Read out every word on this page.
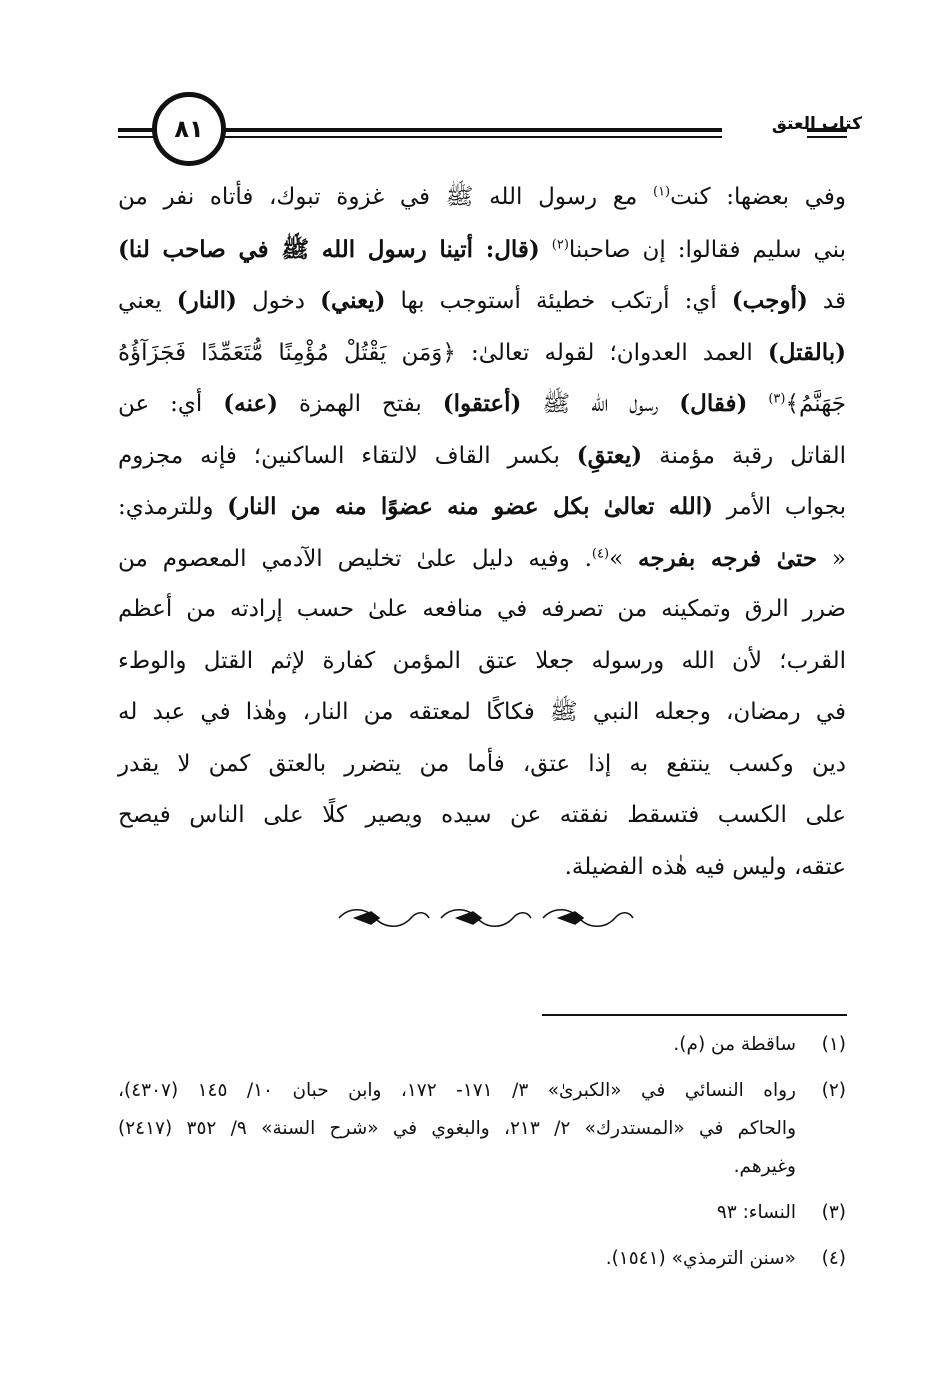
٨١	كتاب العتق
وفي بعضها: كنت$^{(١)}$ مع رسول الله ﷺ في غزوة تبوك، فأتاه نفر من
بني سليم فقالوا: إن صاحبنا$^{(٢)}$ (قال: أتينا رسول الله ﷺ في صاحب لنا)
قد (أوجب) أي: أرتكب خطيئة أستوجب بها (يعني) دخول (النار) يعني
(بالقتل) العمد العدوان؛ لقوله تعالىٰ: ﴿وَمَن يَقْتُلْ مُؤْمِنًا مُّتَعَمِّدًا فَجَزَآؤُهُ
جَهَنَّمُ﴾$^{(٣)}$ (فقال) رسول الله ﷺ (أعتقوا) بفتح الهمزة (عنه) أي: عن
القاتل رقبة مؤمنة (يعتقِ) بكسر القاف لالتقاء الساكنين؛ فإنه مجزوم
بجواب الأمر (الله تعالىٰ بكل عضو منه عضوًا منه من النار) وللترمذي:
« حتىٰ فرجه بفرجه »$^{(٤)}$. وفيه دليل علىٰ تخليص الآدمي المعصوم من
ضرر الرق وتمكينه من تصرفه في منافعه علىٰ حسب إرادته من أعظم
القرب؛ لأن الله ورسوله جعلا عتق المؤمن كفارة لإثم القتل والوطء
في رمضان، وجعله النبي ﷺ فكاكًا لمعتقه من النار، وهٰذا في عبد له
دين وكسب ينتفع به إذا عتق، فأما من يتضرر بالعتق كمن لا يقدر
على الكسب فتسقط نفقته عن سيده ويصير كلًا على الناس فيصح
عتقه، وليس فيه هٰذه الفضيلة.
(١)
ساقطة من (م).
(٢)
رواه النسائي في «الكبرىٰ» ٣/ ١٧١- ١٧٢، وابن حبان ١٠/ ١٤٥ (٤٣٠٧)،
والحاكم في «المستدرك» ٢/ ٢١٣، والبغوي في «شرح السنة» ٩/ ٣٥٢ (٢٤١٧)
وغيرهم.
(٣)
النساء: ٩٣
(٤)
«سنن الترمذي» (١٥٤١).
